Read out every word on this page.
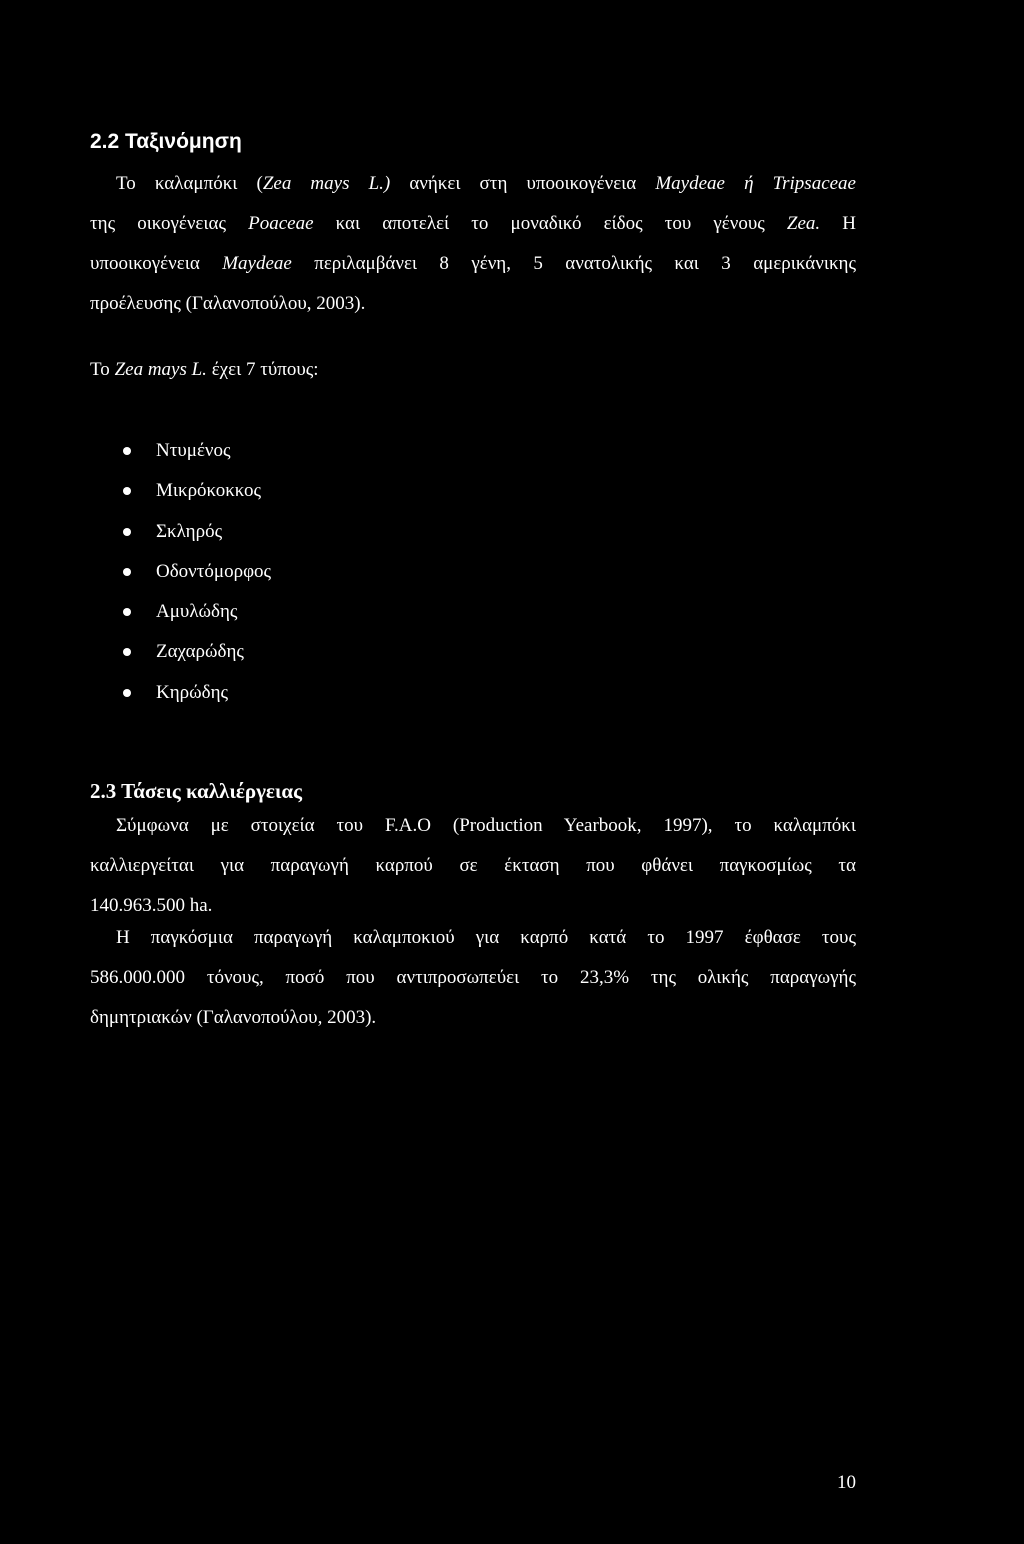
2.2 Ταξινόμηση

Το καλαμπόκι (Zea mays L.) ανήκει στη υποοικογένεια Maydeae ή Tripsaceae
της οικογένειας Poaceae και αποτελεί το μοναδικό είδος του γένους Zea. Η
υποοικογένεια Maydeae περιλαμβάνει 8 γένη, 5 ανατολικής και 3 αμερικάνικης
προέλευσης (Γαλανοπούλου, 2003).

Το Zea mays L. έχει 7 τύπους:

Ντυμένος
Μικρόκοκκος
Σκληρός
Οδοντόμορφος
Αμυλώδης
Ζαχαρώδης
Κηρώδης
2.3 Τάσεις καλλιέργειας

Σύμφωνα με στοιχεία του F.A.O (Production Yearbook, 1997), το καλαμπόκι
καλλιεργείται για παραγωγή καρπού σε έκταση που φθάνει παγκοσμίως τα
140.963.500 ha.

Η παγκόσμια παραγωγή καλαμποκιού για καρπό κατά το 1997 έφθασε τους
586.000.000 τόνους, ποσό που αντιπροσωπεύει το 23,3% της ολικής παραγωγής
δημητριακών (Γαλανοπούλου, 2003).

10
